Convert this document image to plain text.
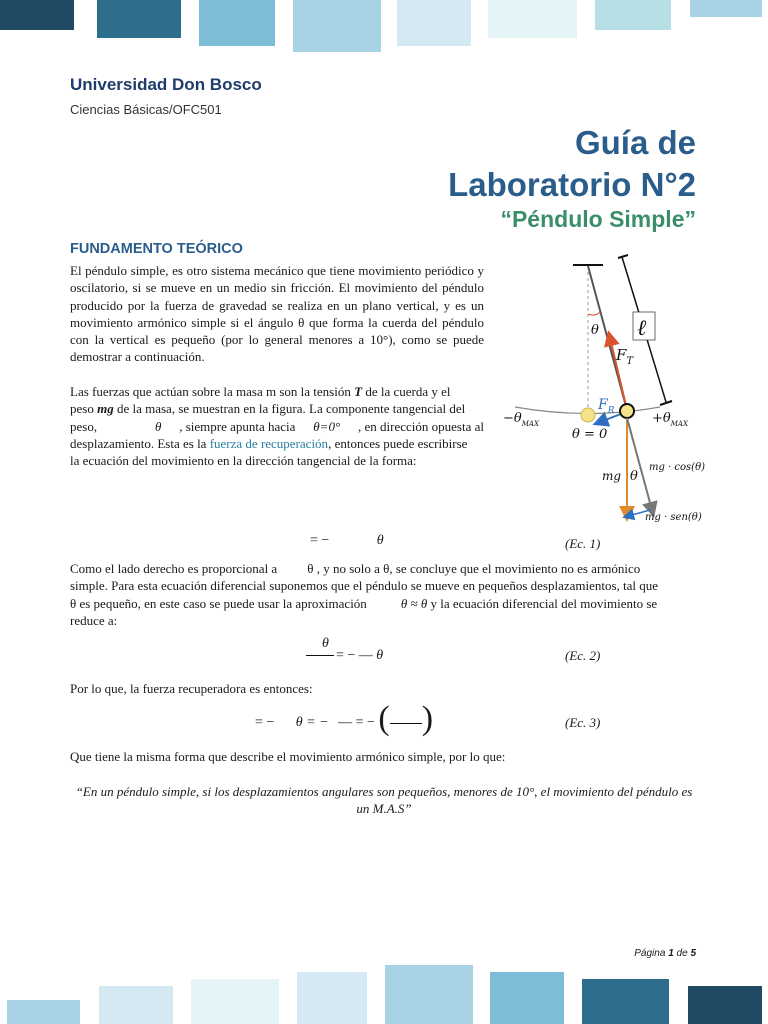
Universidad Don Bosco
Ciencias Básicas/OFC501
Guía de
Laboratorio N°2
“Péndulo Simple”
FUNDAMENTO TEÓRICO
El péndulo simple, es otro sistema mecánico que tiene movimiento periódico y oscilatorio, si se mueve en un medio sin fricción. El movimiento del péndulo producido por la fuerza de gravedad se realiza en un plano vertical, y es un movimiento armónico simple si el ángulo θ que forma la cuerda del péndulo con la vertical es pequeño (por lo general menores a 10°), como se puede demostrar a continuación.
Las fuerzas que actúan sobre la masa m son la tensión T de la cuerda y el
peso mg de la masa, se muestran en la figura. La componente tangencial del
peso,	θ , siempre apunta hacia θ=0° , en dirección opuesta al
desplazamiento. Esta es la fuerza de recuperación, entonces puede escribirse
la ecuación del movimiento en la dirección tangencial de la forma:
ℓ
θ
$F_T$
$F_R$
$-\theta_{MAX}$	$+\theta_{MAX}$
θ = 0
mg θ
mg · cos(θ)
mg · sen(θ)
= −	θ	(Ec. 1)
Como el lado derecho es proporcional a θ , y no solo a θ, se concluye que el movimiento no es armónico
simple. Para esta ecuación diferencial suponemos que el péndulo se mueve en pequeños desplazamientos, tal que
θ es pequeño, en este caso se puede usar la aproximación	θ ≈ θ y la ecuación diferencial del movimiento se
reduce a:
θ
= − — θ	(Ec. 2)
Por lo que, la fuerza recuperadora es entonces:
= − θ = − — = − ( )	(Ec. 3)
Que tiene la misma forma que describe el movimiento armónico simple, por lo que:
“En un péndulo simple, si los desplazamientos angulares son pequeños, menores de 10°, el movimiento del péndulo es un M.A.S”
Página 1 de 5
